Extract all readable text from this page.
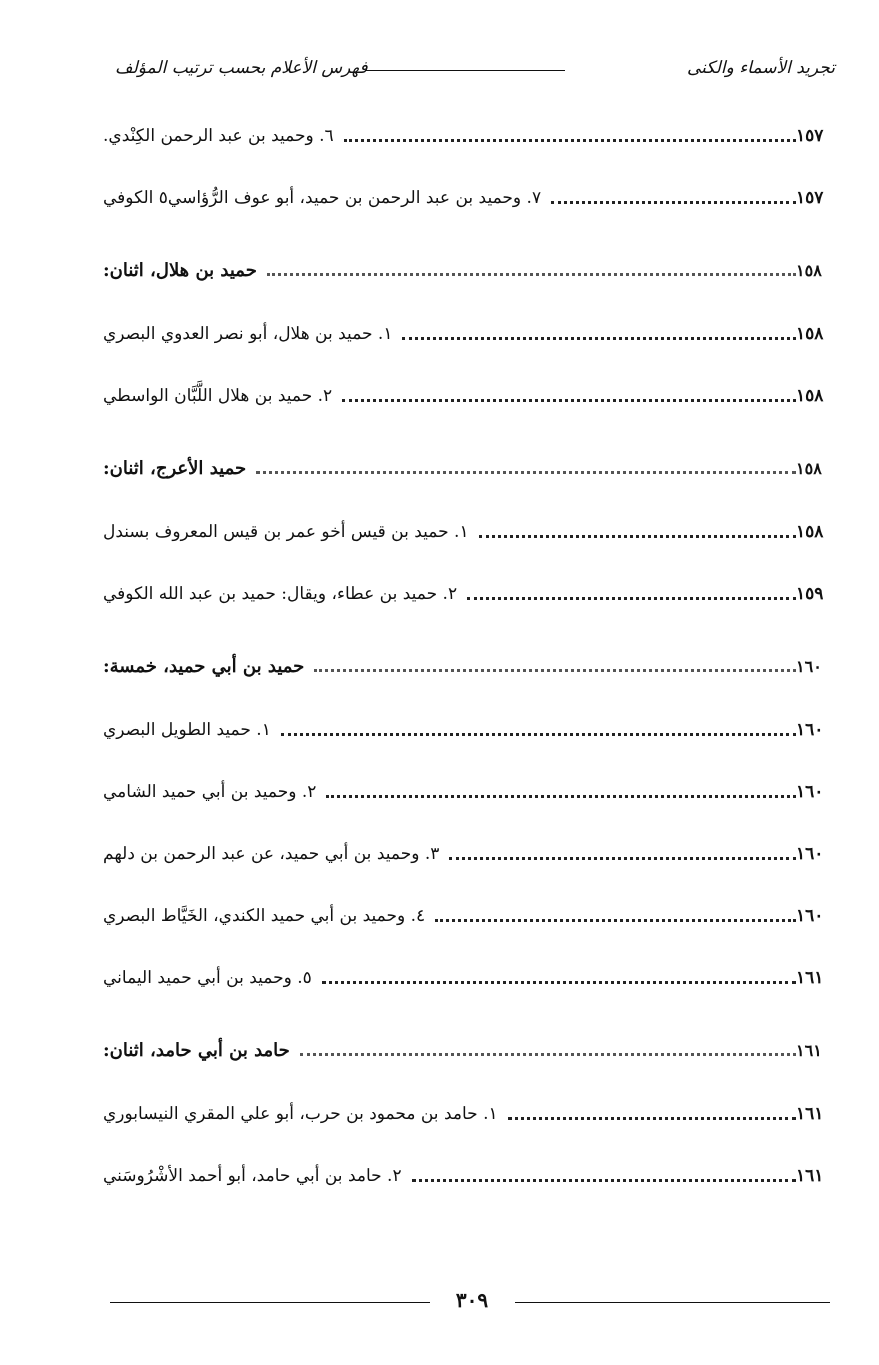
تجريد الأسماء والكنى
فهرس الأعلام بحسب ترتيب المؤلف
٦. وحميد بن عبد الرحمن الكِنْدي.	١٥٧
٧. وحميد بن عبد الرحمن بن حميد، أبو عوف الرُّؤاسي٥ الكوفي	١٥٧
حميد بن هلال، اثنان:	١٥٨
١. حميد بن هلال، أبو نصر العدوي البصري	١٥٨
٢. حميد بن هلال اللَّبَّان الواسطي	١٥٨
حميد الأعرج، اثنان:	١٥٨
١. حميد بن قيس أخو عمر بن قيس المعروف بسندل	١٥٨
٢. حميد بن عطاء، ويقال: حميد بن عبد الله الكوفي	١٥٩
حميد بن أبي حميد، خمسة:	١٦٠
١. حميد الطويل البصري	١٦٠
٢. وحميد بن أبي حميد الشامي	١٦٠
٣. وحميد بن أبي حميد، عن عبد الرحمن بن دلهم	١٦٠
٤. وحميد بن أبي حميد الكندي، الخَيَّاط البصري	١٦٠
٥. وحميد بن أبي حميد اليماني	١٦١
حامد بن أبي حامد، اثنان:	١٦١
١. حامد بن محمود بن حرب، أبو علي المقري النيسابوري	١٦١
٢. حامد بن أبي حامد، أبو أحمد الأشْرُوسَني	١٦١
٣٠٩
